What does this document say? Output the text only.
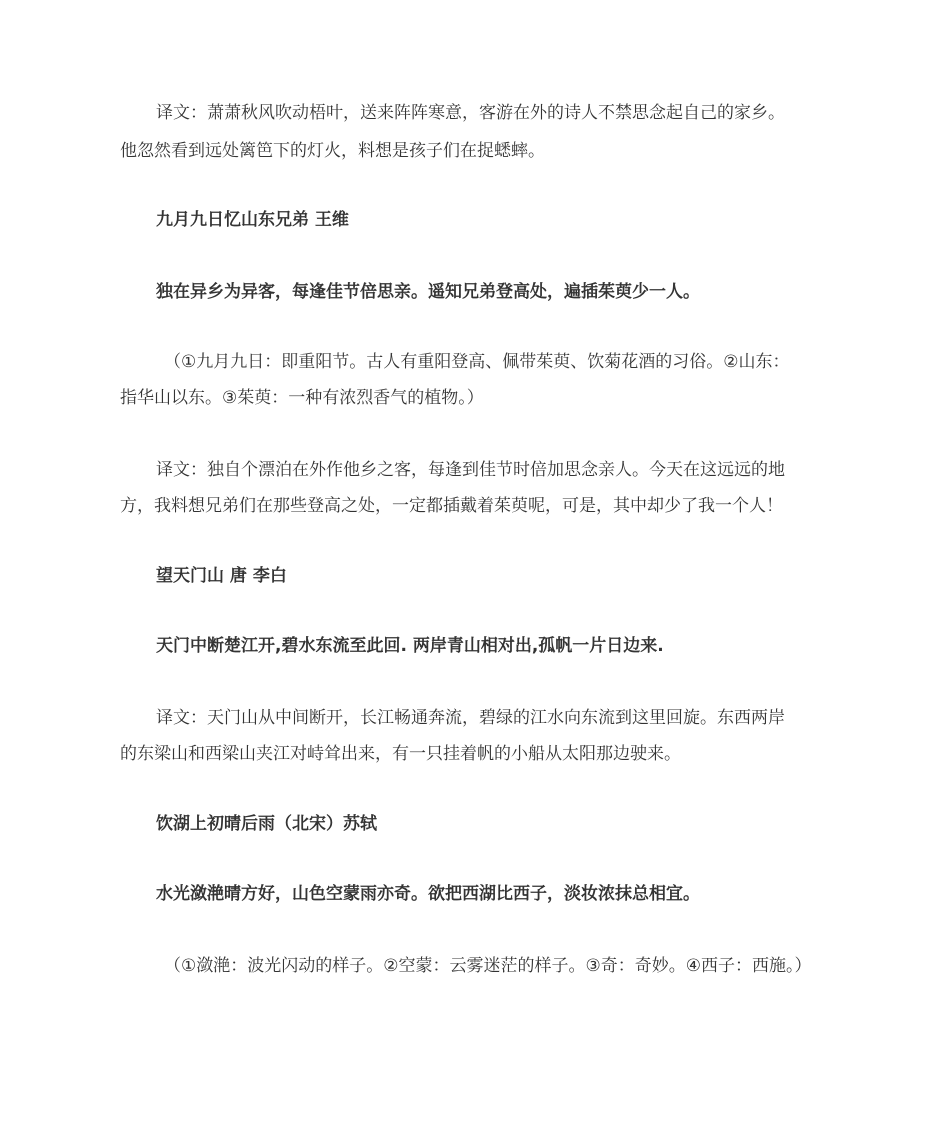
译文：萧萧秋风吹动梧叶，送来阵阵寒意，客游在外的诗人不禁思念起自己的家乡。
他忽然看到远处篱笆下的灯火，料想是孩子们在捉蟋蟀。
九月九日忆山东兄弟 王维
独在异乡为异客，每逢佳节倍思亲。遥知兄弟登高处，遍插茱萸少一人。
（①九月九日：即重阳节。古人有重阳登高、佩带茱萸、饮菊花酒的习俗。②山东：
指华山以东。③茱萸：一种有浓烈香气的植物。）
译文：独自个漂泊在外作他乡之客，每逢到佳节时倍加思念亲人。今天在这远远的地
方，我料想兄弟们在那些登高之处，一定都插戴着茱萸呢，可是，其中却少了我一个人！
望天门山 唐 李白
天门中断楚江开,碧水东流至此回. 两岸青山相对出,孤帆一片日边来.
译文：天门山从中间断开，长江畅通奔流，碧绿的江水向东流到这里回旋。东西两岸
的东梁山和西梁山夹江对峙耸出来，有一只挂着帆的小船从太阳那边驶来。
饮湖上初晴后雨（北宋）苏轼
水光潋滟晴方好，山色空蒙雨亦奇。欲把西湖比西子，淡妆浓抹总相宜。
（①潋滟：波光闪动的样子。②空蒙：云雾迷茫的样子。③奇：奇妙。④西子：西施。）
